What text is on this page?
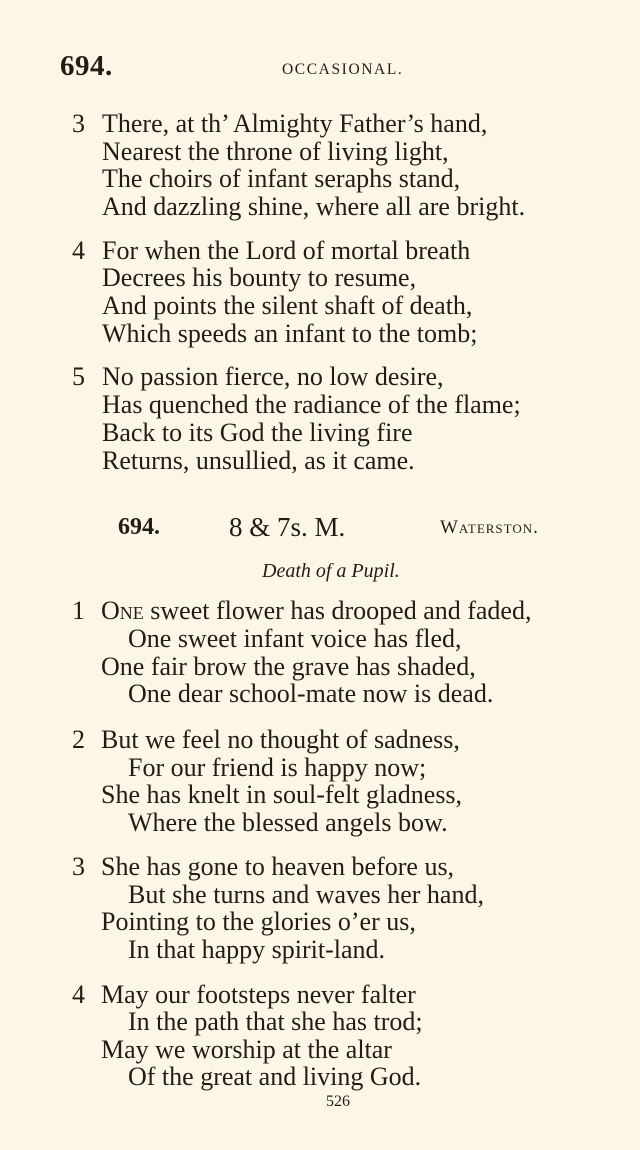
694.	OCCASIONAL.
3 There, at th’ Almighty Father’s hand,
Nearest the throne of living light,
The choirs of infant seraphs stand,
And dazzling shine, where all are bright.
4 For when the Lord of mortal breath
Decrees his bounty to resume,
And points the silent shaft of death,
Which speeds an infant to the tomb;
5 No passion fierce, no low desire,
Has quenched the radiance of the flame;
Back to its God the living fire
Returns, unsullied, as it came.
694.	8 & 7s. M.	Waterston.
Death of a Pupil.
1 One sweet flower has drooped and faded,
One sweet infant voice has fled,
One fair brow the grave has shaded,
One dear school-mate now is dead.
2 But we feel no thought of sadness,
For our friend is happy now;
She has knelt in soul-felt gladness,
Where the blessed angels bow.
3 She has gone to heaven before us,
But she turns and waves her hand,
Pointing to the glories o’er us,
In that happy spirit-land.
4 May our footsteps never falter
In the path that she has trod;
May we worship at the altar
Of the great and living God.
526
